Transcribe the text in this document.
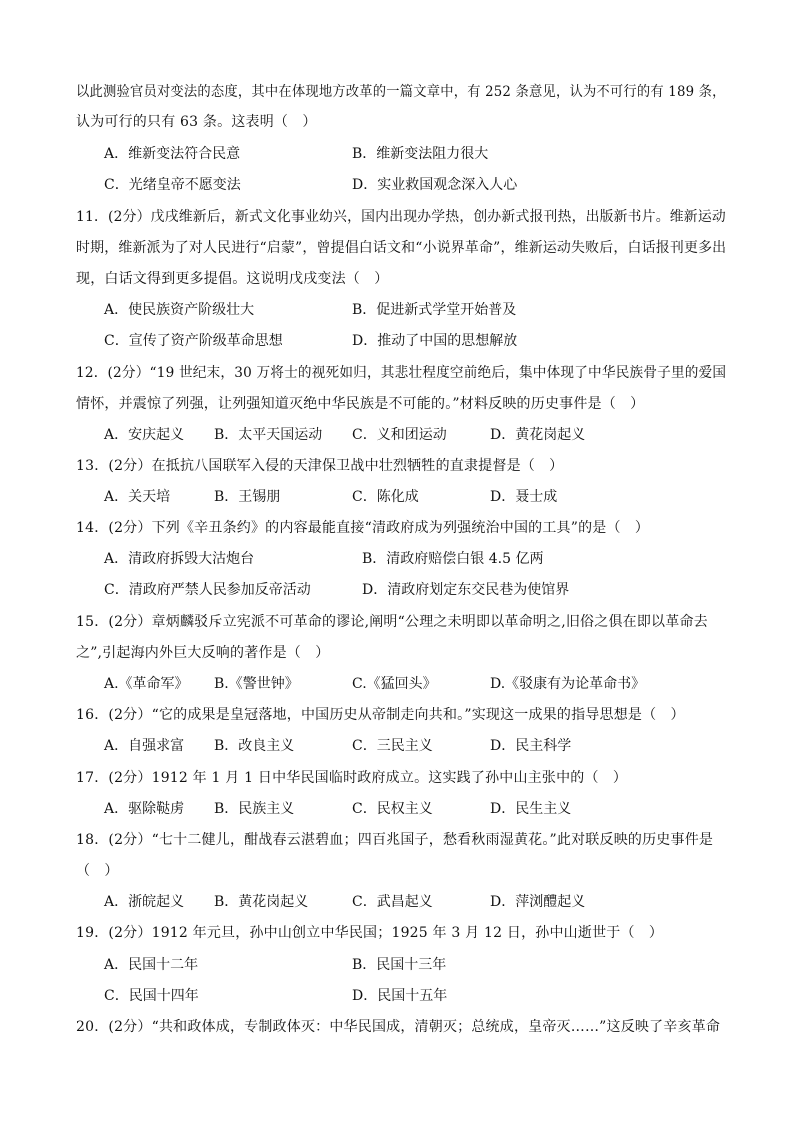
以此测验官员对变法的态度，其中在体现地方改革的一篇文章中，有 252 条意见，认为不可行的有 189 条，
认为可行的只有 63 条。这表明（　）
A．维新变法符合民意	B．维新变法阻力很大
C．光绪皇帝不愿变法	D．实业救国观念深入人心
11．(2分）戊戌维新后，新式文化事业幼兴，国内出现办学热，创办新式报刊热，出版新书片。维新运动
时期，维新派为了对人民进行“启蒙”，曾提倡白话文和“小说界革命”，维新运动失败后，白话报刊更多出
现，白话文得到更多提倡。这说明戊戌变法（　）
A．使民族资产阶级壮大	B．促进新式学堂开始普及
C．宣传了资产阶级革命思想	D．推动了中国的思想解放
12．(2分）“19 世纪末，30 万将士的视死如归，其悲壮程度空前绝后，集中体现了中华民族骨子里的爱国
情怀，并震惊了列强，让列强知道灭绝中华民族是不可能的。”材料反映的历史事件是（　）
A．安庆起义 B．太平天国运动 C．义和团运动	D．黄花岗起义
13．(2分）在抵抗八国联军入侵的天津保卫战中壮烈牺牲的直隶提督是（　）
A．关天培	B．王锡朋	C．陈化成	D．聂士成
14．(2分）下列《辛丑条约》的内容最能直接“清政府成为列强统治中国的工具”的是（　）
A．清政府拆毁大沽炮台	B．清政府赔偿白银 4.5 亿两
C．清政府严禁人民参加反帝活动	D．清政府划定东交民巷为使馆界
15．(2分）章炳麟驳斥立宪派不可革命的谬论,阐明“公理之未明即以革命明之,旧俗之俱在即以革命去
之”,引起海内外巨大反响的著作是（　）
A.《革命军》 B.《警世钟》	C.《猛回头》	D.《驳康有为论革命书》
16．(2分）“它的成果是皇冠落地，中国历史从帝制走向共和。”实现这一成果的指导思想是（　）
A．自强求富 B．改良主义	C．三民主义	D．民主科学
17．(2分）1912 年 1 月 1 日中华民国临时政府成立。这实践了孙中山主张中的（　）
A．驱除鞑虏 B．民族主义	C．民权主义	D．民生主义
18．(2分）“七十二健儿，酣战春云湛碧血；四百兆国子，愁看秋雨湿黄花。”此对联反映的历史事件是
（　）
A．浙皖起义 B．黄花岗起义	C．武昌起义	D．萍浏醴起义
19．(2分）1912 年元旦，孙中山创立中华民国；1925 年 3 月 12 日，孙中山逝世于（　）
A．民国十二年	B．民国十三年
C．民国十四年	D．民国十五年
20．(2分）“共和政体成，专制政体灭：中华民国成，清朝灭；总统成，皇帝灭……”这反映了辛亥革命
